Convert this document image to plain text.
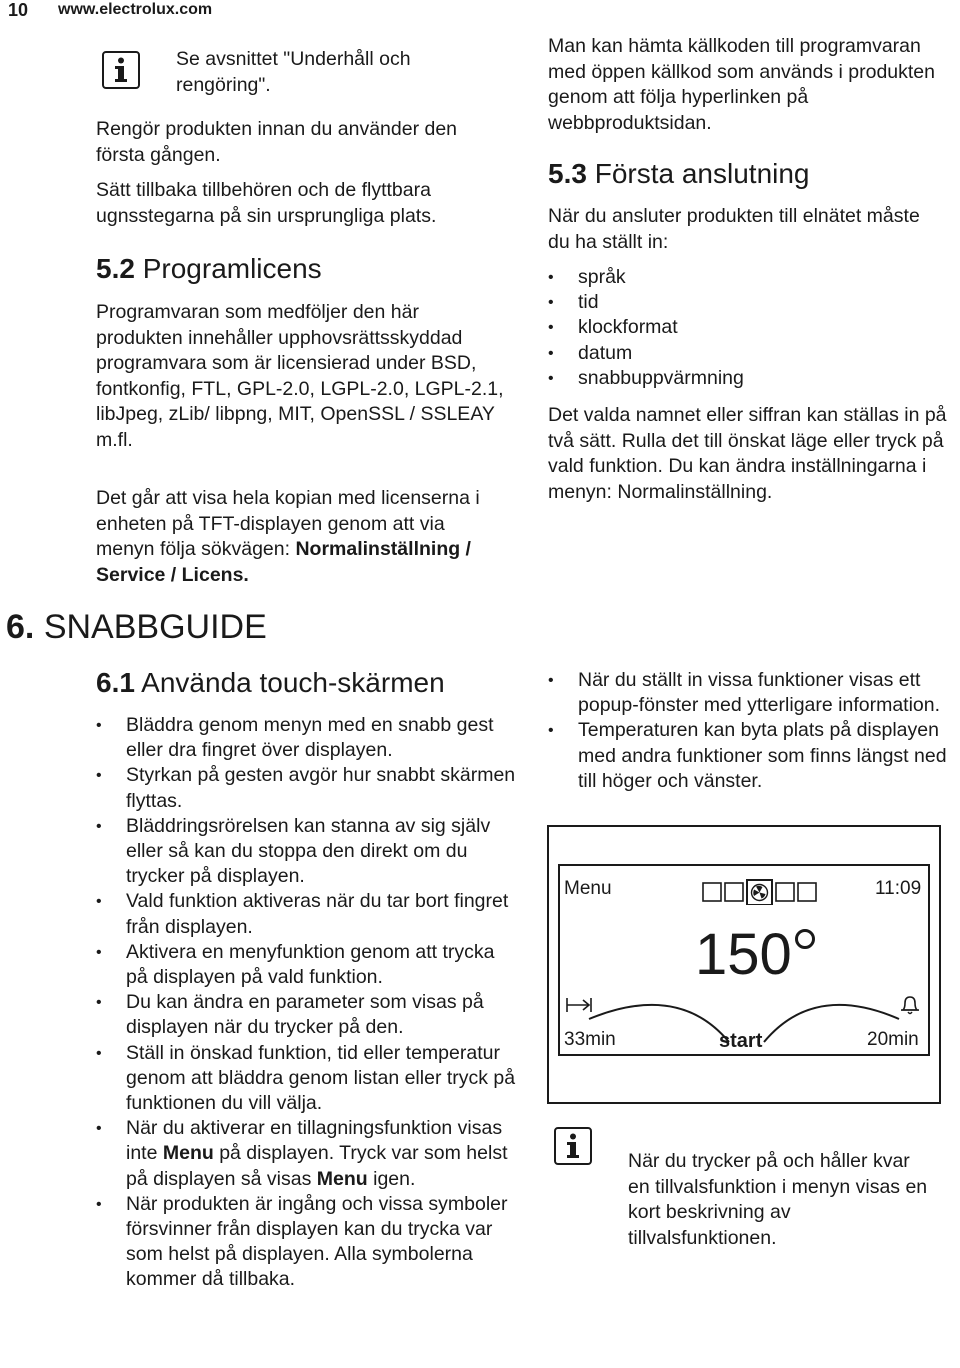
10 www.electrolux.com

Se avsnittet "Underhåll och rengöring".

Rengör produkten innan du använder den första gången.

Sätt tillbaka tillbehören och de flyttbara ugnsstegarna på sin ursprungliga plats.

5.2 Programlicens

Programvaran som medföljer den här produkten innehåller upphovsrättsskyddad programvara som är licensierad under BSD, fontkonfig, FTL, GPL-2.0, LGPL-2.0, LGPL-2.1, libJpeg, zLib/ libpng, MIT, OpenSSL / SSLEAY m.fl.

Det går att visa hela kopian med licenserna i enheten på TFT-displayen genom att via menyn följa sökvägen: Normalinställning / Service / Licens.

Man kan hämta källkoden till programvaran med öppen källkod som används i produkten genom att följa hyperlinken på webbproduktsidan.

5.3 Första anslutning

När du ansluter produkten till elnätet måste du ha ställt in:

• språk
• tid
• klockformat
• datum
• snabbuppvärmning

Det valda namnet eller siffran kan ställas in på två sätt. Rulla det till önskat läge eller tryck på vald funktion. Du kan ändra inställningarna i menyn: Normalinställning.

6. SNABBGUIDE
6.1 Använda touch-skärmen
• Bläddra genom menyn med en snabb gest eller dra fingret över displayen.
• Styrkan på gesten avgör hur snabbt skärmen flyttas.
• Bläddringsrörelsen kan stanna av sig själv eller så kan du stoppa den direkt om du trycker på displayen.
• Vald funktion aktiveras när du tar bort fingret från displayen.
• Aktivera en menyfunktion genom att trycka på displayen på vald funktion.
• Du kan ändra en parameter som visas på displayen när du trycker på den.
• Ställ in önskad funktion, tid eller temperatur genom att bläddra genom listan eller tryck på funktionen du vill välja.
• När du aktiverar en tillagningsfunktion visas inte Menu på displayen. Tryck var som helst på displayen så visas Menu igen.
• När produkten är ingång och vissa symboler försvinner från displayen kan du trycka var som helst på displayen. Alla symbolerna kommer då tillbaka.
• När du ställt in vissa funktioner visas ett popup-fönster med ytterligare information.
• Temperaturen kan byta plats på displayen med andra funktioner som finns längst ned till höger och vänster.
Menu	11:09
150
33min	start	20min

När du trycker på och håller kvar en tillvalsfunktion i menyn visas en kort beskrivning av tillvalsfunktionen.
